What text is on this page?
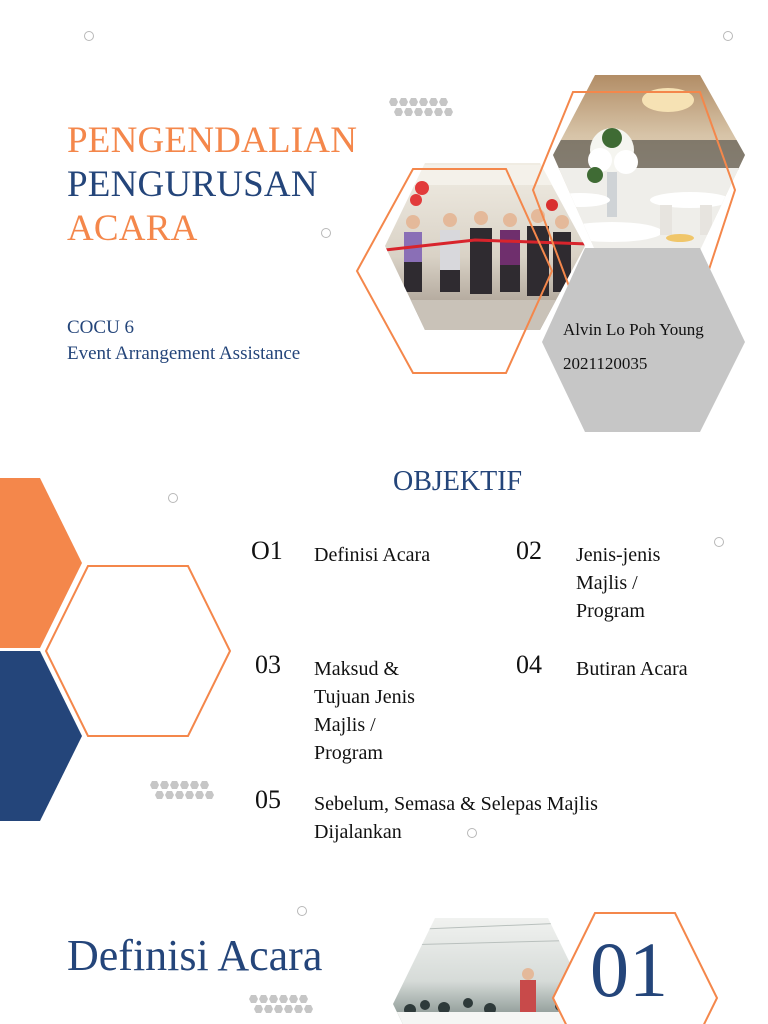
PENGENDALIAN
PENGURUSAN
ACARA
COCU 6
Event Arrangement Assistance
Alvin Lo Poh Young
2021120035
OBJEKTIF
O1 Definisi Acara	02 Jenis-jenis Majlis / Program
03 Maksud & Tujuan Jenis Majlis / Program
04 Butiran Acara
05 Sebelum, Semasa & Selepas Majlis Dijalankan
Definisi Acara	01
